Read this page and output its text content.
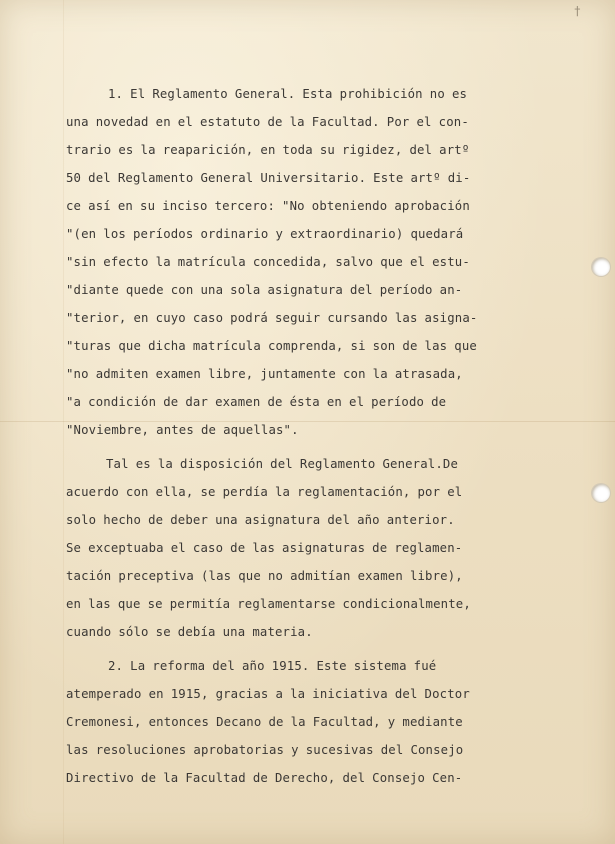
†
1. El Reglamento General. Esta prohibición no es
una novedad en el estatuto de la Facultad. Por el con-
trario es la reaparición, en toda su rigidez, del artº
50 del Reglamento General Universitario. Este artº di-
ce así en su inciso tercero: "No obteniendo aprobación
"(en los períodos ordinario y extraordinario) quedará
"sin efecto la matrícula concedida, salvo que el estu-
"diante quede con una sola asignatura del período an-
"terior, en cuyo caso podrá seguir cursando las asigna-
"turas que dicha matrícula comprenda, si son de las que
"no admiten examen libre, juntamente con la atrasada,
"a condición de dar examen de ésta en el período de
"Noviembre, antes de aquellas".
Tal es la disposición del Reglamento General.De
acuerdo con ella, se perdía la reglamentación, por el
solo hecho de deber una asignatura del año anterior.
Se exceptuaba el caso de las asignaturas de reglamen-
tación preceptiva (las que no admitían examen libre),
en las que se permitía reglamentarse condicionalmente,
cuando sólo se debía una materia.
2. La reforma del año 1915. Este sistema fué
atemperado en 1915, gracias a la iniciativa del Doctor
Cremonesi, entonces Decano de la Facultad, y mediante
las resoluciones aprobatorias y sucesivas del Consejo
Directivo de la Facultad de Derecho, del Consejo Cen-
